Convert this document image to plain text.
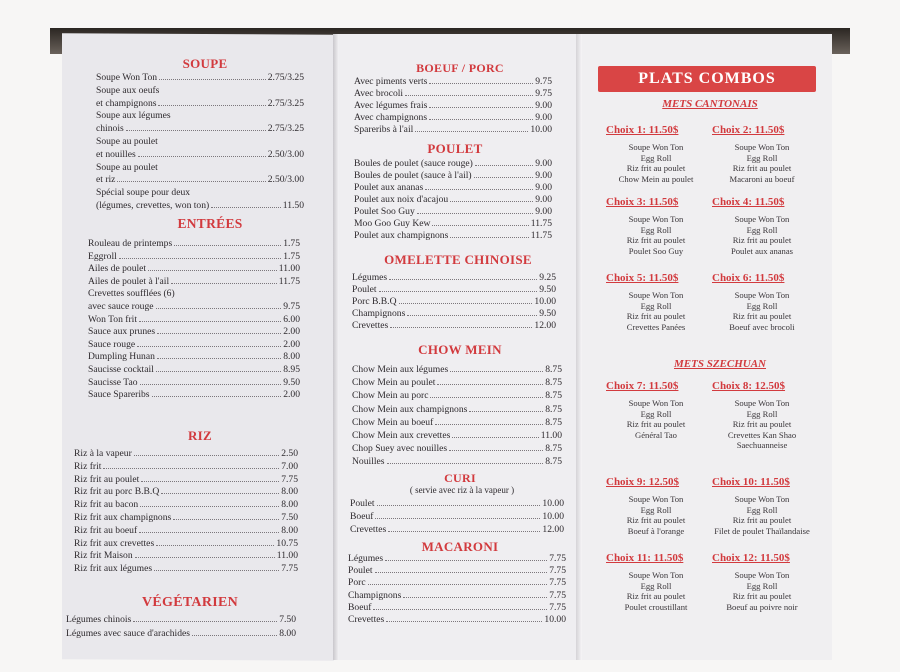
SOUPE
Soupe Won Ton	2.75/3.25
Soupe aux oeufs
et champignons	2.75/3.25
Soupe aux légumes
chinois	2.75/3.25
Soupe au poulet
et nouilles	2.50/3.00
Soupe au poulet
et riz	2.50/3.00
Spécial soupe pour deux
(légumes, crevettes, won ton)	11.50
ENTRÉES
Rouleau de printemps	1.75
Eggroll	1.75
Ailes de poulet	11.00
Ailes de poulet à l'ail	11.75
Crevettes soufflées (6)
avec sauce rouge	9.75
Won Ton frit	6.00
Sauce aux prunes	2.00
Sauce rouge	2.00
Dumpling Hunan	8.00
Saucisse cocktail	8.95
Saucisse Tao	9.50
Sauce Spareribs	2.00
RIZ
Riz à la vapeur	2.50
Riz frit	7.00
Riz frit au poulet	7.75
Riz frit au porc B.B.Q	8.00
Riz frit au bacon	8.00
Riz frit aux champignons	7.50
Riz frit au boeuf	8.00
Riz frit aux crevettes	10.75
Riz frit Maison	11.00
Riz frit aux légumes	7.75
VÉGÉTARIEN
Légumes chinois	7.50
Légumes avec sauce d'arachides	8.00
BOEUF / PORC
Avec piments verts	9.75
Avec brocoli	9.75
Avec légumes frais	9.00
Avec champignons	9.00
Spareribs à l'ail	10.00
POULET
Boules de poulet (sauce rouge)	9.00
Boules de poulet (sauce à l'ail)	9.00
Poulet aux ananas	9.00
Poulet aux noix d'acajou	9.00
Poulet Soo Guy	9.00
Moo Goo Guy Kew	11.75
Poulet aux champignons	11.75
OMELETTE CHINOISE
Légumes	9.25
Poulet	9.50
Porc B.B.Q	10.00
Champignons	9.50
Crevettes	12.00
CHOW MEIN
Chow Mein aux légumes	8.75
Chow Mein au poulet	8.75
Chow Mein au porc	8.75
Chow Mein aux champignons	8.75
Chow Mein au boeuf	8.75
Chow Mein aux crevettes	11.00
Chop Suey avec nouilles	8.75
Nouilles	8.75
CURI
( servie avec riz à la vapeur )
Poulet	10.00
Boeuf	10.00
Crevettes	12.00
MACARONI
Légumes	7.75
Poulet	7.75
Porc	7.75
Champignons	7.75
Boeuf	7.75
Crevettes	10.00
PLATS COMBOS
METS CANTONAIS
METS SZECHUAN
Choix 1: 11.50$
Soupe Won Ton
Egg Roll
Riz frit au poulet
Chow Mein au poulet
Choix 2: 11.50$
Soupe Won Ton
Egg Roll
Riz frit au poulet
Macaroni au boeuf
Choix 3: 11.50$
Soupe Won Ton
Egg Roll
Riz frit au poulet
Poulet Soo Guy
Choix 4: 11.50$
Soupe Won Ton
Egg Roll
Riz frit au poulet
Poulet aux ananas
Choix 5: 11.50$
Soupe Won Ton
Egg Roll
Riz frit au poulet
Crevettes Panées
Choix 6: 11.50$
Soupe Won Ton
Egg Roll
Riz frit au poulet
Boeuf avec brocoli
Choix 7: 11.50$
Soupe Won Ton
Egg Roll
Riz frit au poulet
Général Tao
Choix 8: 12.50$
Soupe Won Ton
Egg Roll
Riz frit au poulet
Crevettes Kan Shao
Saechuanneise
Choix 9: 12.50$
Soupe Won Ton
Egg Roll
Riz frit au poulet
Boeuf à l'orange
Choix 10: 11.50$
Soupe Won Ton
Egg Roll
Riz frit au poulet
Filet de poulet Thaïlandaise
Choix 11: 11.50$
Soupe Won Ton
Egg Roll
Riz frit au poulet
Poulet croustillant
Choix 12: 11.50$
Soupe Won Ton
Egg Roll
Riz frit au poulet
Boeuf au poivre noir
